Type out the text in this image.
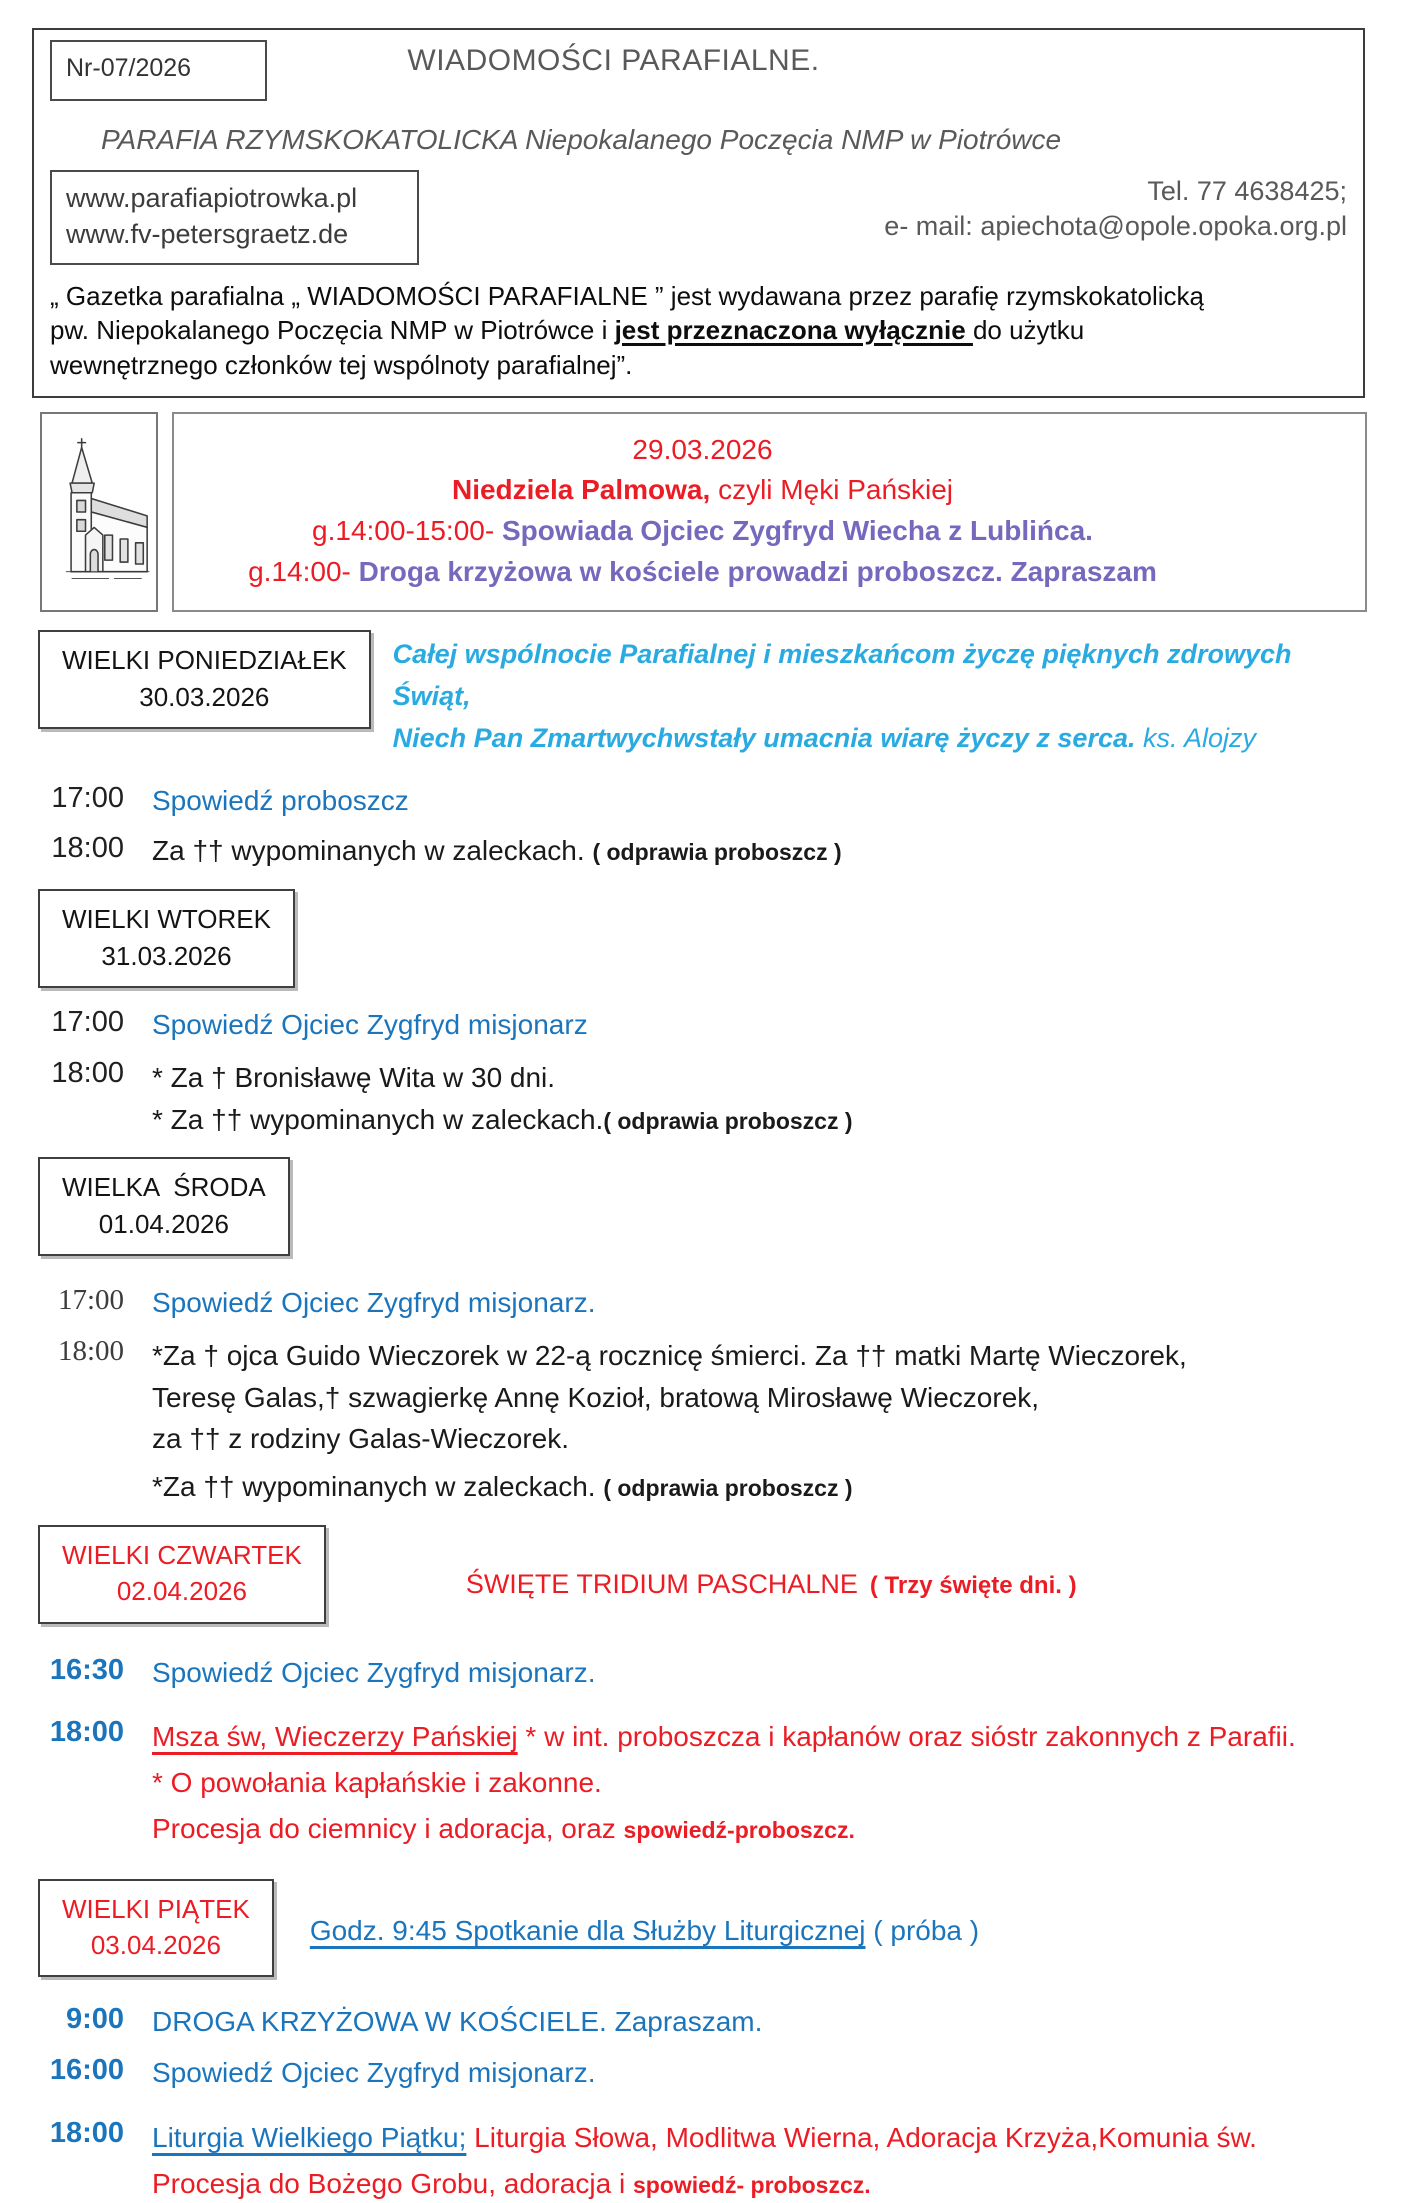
Nr-07/2026	WIADOMOŚCI PARAFIALNE.
PARAFIA RZYMSKOKATOLICKA Niepokalanego Poczęcia NMP w Piotrówce
www.parafiapiotrowka.pl
www.fv-petersgraetz.de
Tel. 77 4638425;
e- mail: apiechota@opole.opoka.org.pl
„ Gazetka parafialna „ WIADOMOŚCI PARAFIALNE ” jest wydawana przez parafię rzymskokatolicką
pw. Niepokalanego Poczęcia NMP w Piotrówce i jest przeznaczona wyłącznie do użytku
wewnętrznego członków tej wspólnoty parafialnej”.
29.03.2026
Niedziela Palmowa, czyli Męki Pańskiej
g.14:00-15:00- Spowiada Ojciec Zygfryd Wiecha z Lublińca.
g.14:00- Droga krzyżowa w kościele prowadzi proboszcz. Zapraszam
WIELKI PONIEDZIAŁEK
30.03.2026
Całej wspólnocie Parafialnej i mieszkańcom życzę pięknych zdrowych Świąt,
Niech Pan Zmartwychwstały umacnia wiarę życzy z serca. ks. Alojzy
17:00 Spowiedź proboszcz
18:00 Za †† wypominanych w zaleckach. ( odprawia proboszcz )
WIELKI WTOREK
31.03.2026
17:00 Spowiedź Ojciec Zygfryd misjonarz
18:00 * Za † Bronisławę Wita w 30 dni.
* Za †† wypominanych w zaleckach.( odprawia proboszcz )
WIELKA  ŚRODA
01.04.2026
17:00 Spowiedź Ojciec Zygfryd misjonarz.
18:00 *Za † ojca Guido Wieczorek w 22-ą rocznicę śmierci. Za †† matki Martę Wieczorek,
Teresę Galas,† szwagierkę Annę Kozioł, bratową Mirosławę Wieczorek,
za †† z rodziny Galas-Wieczorek.
*Za †† wypominanych w zaleckach. ( odprawia proboszcz )
WIELKI CZWARTEK
02.04.2026	ŚWIĘTE TRIDIUM PASCHALNE ( Trzy święte dni. )
16:30 Spowiedź Ojciec Zygfryd misjonarz.
18:00 Msza św, Wieczerzy Pańskiej * w int. proboszcza i kapłanów oraz sióstr zakonnych z Parafii.
* O powołania kapłańskie i zakonne.
Procesja do ciemnicy i adoracja, oraz spowiedź-proboszcz.
WIELKI PIĄTEK
03.04.2026	Godz. 9:45 Spotkanie dla Służby Liturgicznej ( próba )
9:00 DROGA KRZYŻOWA W KOŚCIELE. Zapraszam.
16:00 Spowiedź Ojciec Zygfryd misjonarz.
18:00 Liturgia Wielkiego Piątku; Liturgia Słowa, Modlitwa Wierna, Adoracja Krzyża,Komunia św.
Procesja do Bożego Grobu, adoracja i spowiedź- proboszcz.
